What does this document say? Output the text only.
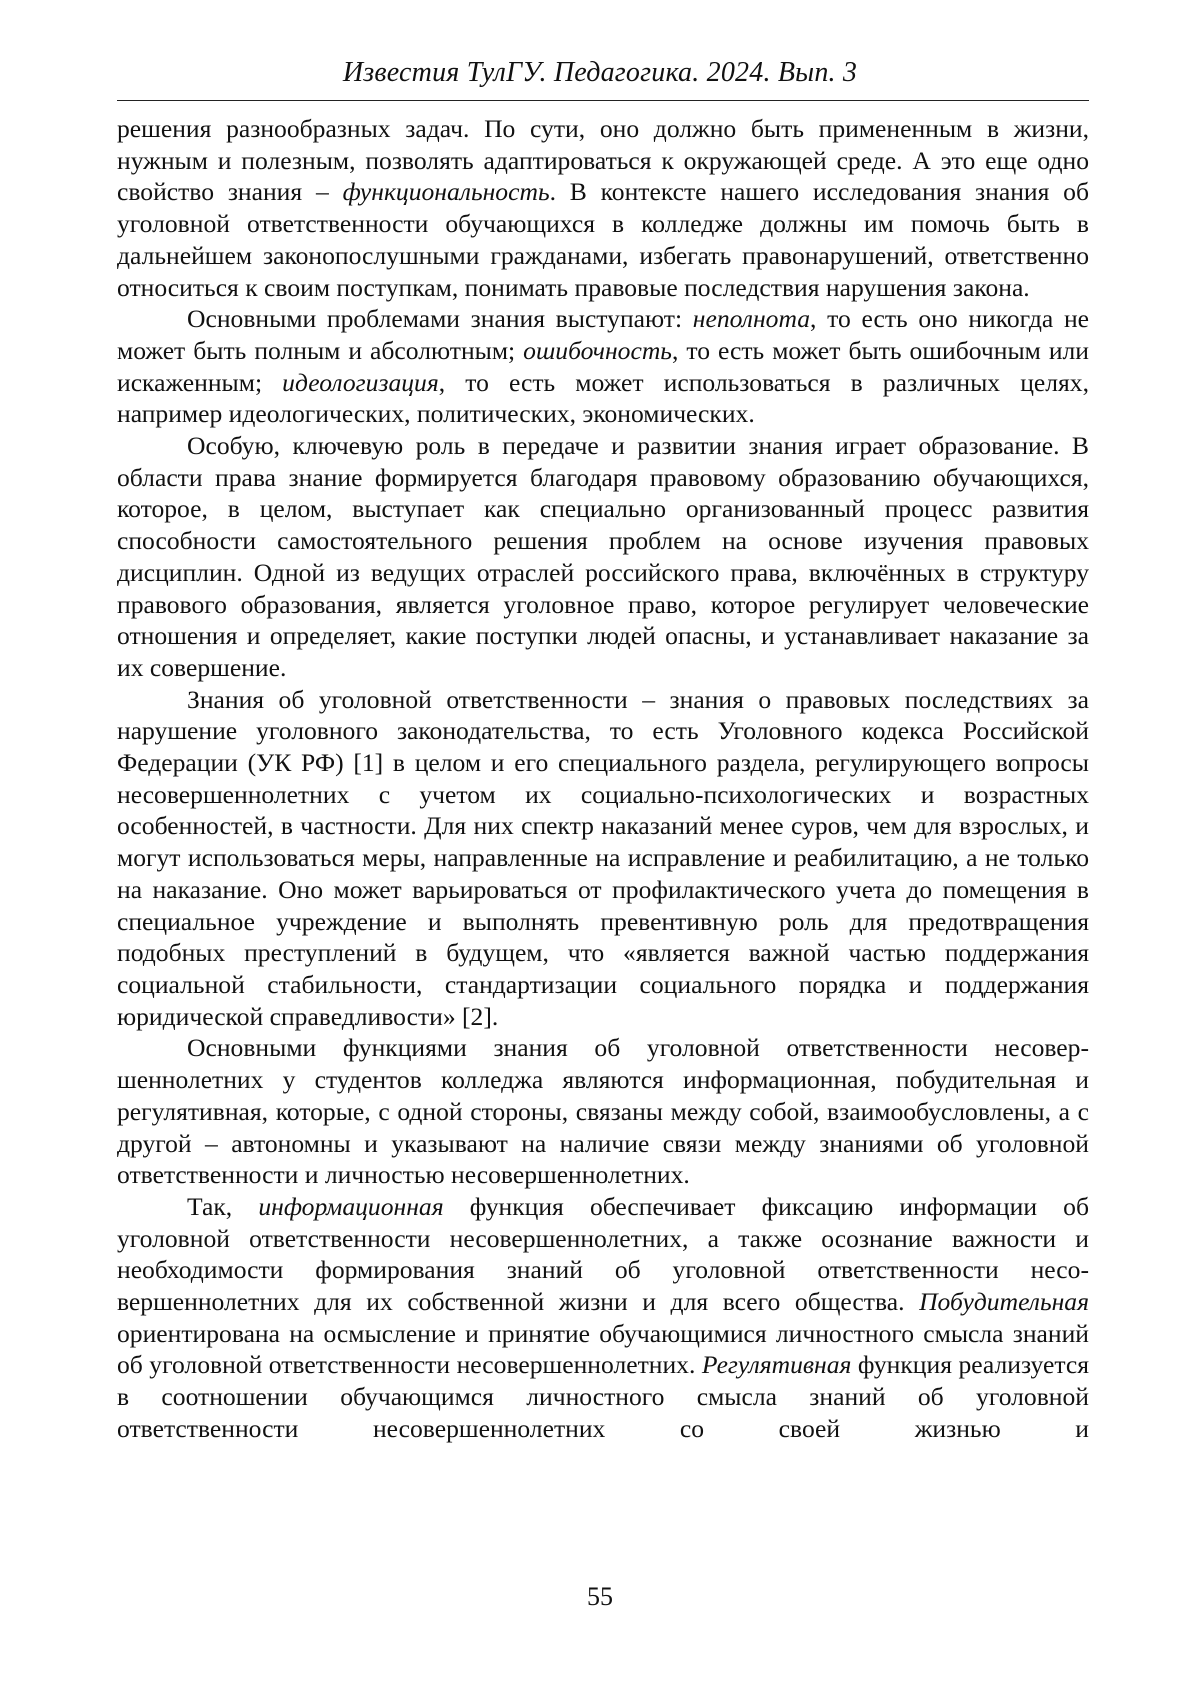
Известия ТулГУ. Педагогика. 2024. Вып. 3

решения разнообразных задач. По сути, оно должно быть примененным в жизни, нужным и полезным, позволять адаптироваться к окружающей среде. А это еще одно свойство знания – функциональность. В контексте нашего исследования знания об уголовной ответственности обучающихся в колледже должны им помочь быть в дальнейшем законопослушными гражданами, избегать правонарушений, ответственно относиться к своим поступкам, понимать правовые последствия нарушения закона.

Основными проблемами знания выступают: неполнота, то есть оно никогда не может быть полным и абсолютным; ошибочность, то есть может быть ошибочным или искаженным; идеологизация, то есть может использоваться в различных целях, например идеологических, политических, экономических.

Особую, ключевую роль в передаче и развитии знания играет образование. В области права знание формируется благодаря правовому образованию обучающихся, которое, в целом, выступает как специально организованный процесс развития способности самостоятельного решения проблем на основе изучения правовых дисциплин. Одной из ведущих отраслей российского права, включённых в структуру правового образования, является уголовное право, которое регулирует человеческие отношения и определяет, какие поступки людей опасны, и устанавливает наказание за их совершение.

Знания об уголовной ответственности – знания о правовых последствиях за нарушение уголовного законодательства, то есть Уголовного кодекса Российской Федерации (УК РФ) [1] в целом и его специального раздела, регулирующего вопросы несовершеннолетних с учетом их социально-психологических и возрастных особенностей, в частности. Для них спектр наказаний менее суров, чем для взрослых, и могут использоваться меры, направленные на исправление и реабилитацию, а не только на наказание. Оно может варьироваться от профилактического учета до помещения в специальное учреждение и выполнять превентивную роль для предотвращения подобных преступлений в будущем, что «является важной частью поддержания социальной стабильности, стандартизации социального порядка и поддержания юридической справедливости» [2].

Основными функциями знания об уголовной ответственности несовершеннолетних у студентов колледжа являются информационная, побудительная и регулятивная, которые, с одной стороны, связаны между собой, взаимообусловлены, а с другой – автономны и указывают на наличие связи между знаниями об уголовной ответственности и личностью несовершеннолетних.

Так, информационная функция обеспечивает фиксацию информации об уголовной ответственности несовершеннолетних, а также осознание важности и необходимости формирования знаний об уголовной ответственности несовершеннолетних для их собственной жизни и для всего общества. Побудительная ориентирована на осмысление и принятие обучающимися личностного смысла знаний об уголовной ответственности несовершеннолетних. Регулятивная функция реализуется в соотношении обучающимся личностного смысла знаний об уголовной ответственности несовершеннолетних со своей жизнью и

55
